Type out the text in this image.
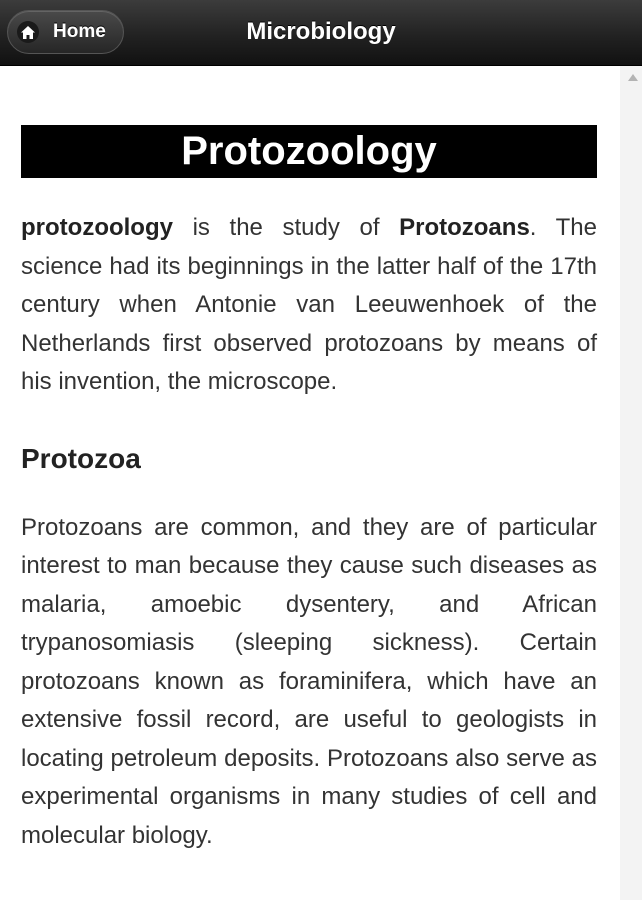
Home	Microbiology
Protozoology

protozoology is the study of Protozoans. The science had its beginnings in the latter half of the 17th century when Antonie van Leeuwenhoek of the Netherlands first observed protozoans by means of his invention, the microscope.

Protozoa

Protozoans are common, and they are of particular interest to man because they cause such diseases as malaria, amoebic dysentery, and African trypanosomiasis (sleeping sickness). Certain protozoans known as foraminifera, which have an extensive fossil record, are useful to geologists in locating petroleum deposits. Protozoans also serve as experimental organisms in many studies of cell and molecular biology.
